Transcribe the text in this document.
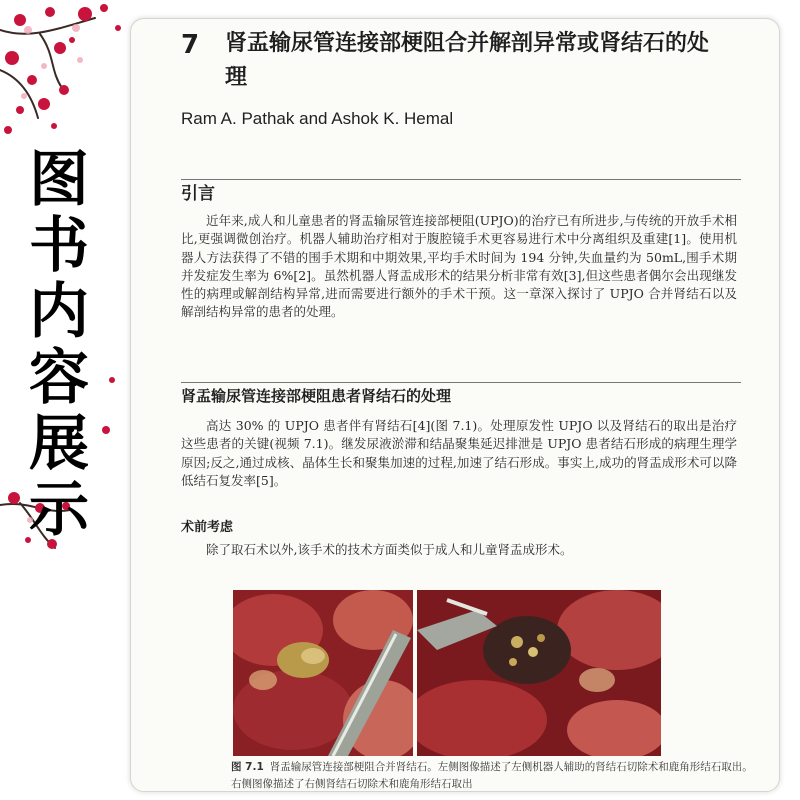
图
书
内
容
展
示
7 肾盂输尿管连接部梗阻合并解剖异常或肾结石的处理
Ram A. Pathak and Ashok K. Hemal
引言

近年来,成人和儿童患者的肾盂输尿管连接部梗阻(UPJO)的治疗已有所进步,与传统的开放手术相比,更强调微创治疗。机器人辅助治疗相对于腹腔镜手术更容易进行术中分离组织及重建[1]。使用机器人方法获得了不错的围手术期和中期效果,平均手术时间为 194 分钟,失血量约为 50mL,围手术期并发症发生率为 6%[2]。虽然机器人肾盂成形术的结果分析非常有效[3],但这些患者偶尔会出现继发性的病理或解剖结构异常,进而需要进行额外的手术干预。这一章深入探讨了 UPJO 合并肾结石以及解剖结构异常的患者的处理。

肾盂输尿管连接部梗阻患者肾结石的处理

高达 30% 的 UPJO 患者伴有肾结石[4](图 7.1)。处理原发性 UPJO 以及肾结石的取出是治疗这些患者的关键(视频 7.1)。继发尿液淤滞和结晶聚集延迟排泄是 UPJO 患者结石形成的病理生理学原因;反之,通过成核、晶体生长和聚集加速的过程,加速了结石形成。事实上,成功的肾盂成形术可以降低结石复发率[5]。

术前考虑

除了取石术以外,该手术的技术方面类似于成人和儿童肾盂成形术。

图 7.1 肾盂输尿管连接部梗阻合并肾结石。左侧图像描述了左侧机器人辅助的肾结石切除术和鹿角形结石取出。右侧图像描述了右侧肾结石切除术和鹿角形结石取出
